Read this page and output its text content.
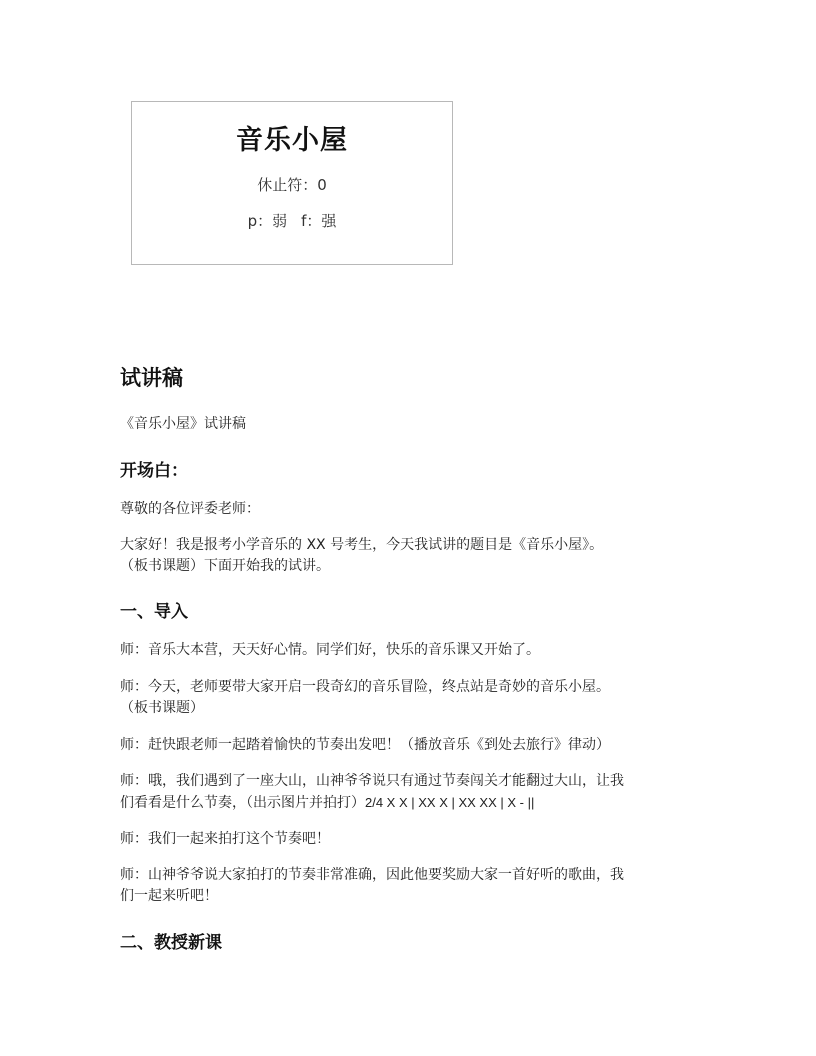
音乐小屋
休止符：0
p：弱 f：强
试讲稿

《音乐小屋》试讲稿

开场白：

尊敬的各位评委老师：

大家好！我是报考小学音乐的 XX 号考生，今天我试讲的题目是《音乐小屋》。

（板书课题）下面开始我的试讲。

一、导入

师：音乐大本营，天天好心情。同学们好，快乐的音乐课又开始了。

师：今天，老师要带大家开启一段奇幻的音乐冒险，终点站是奇妙的音乐小屋。

（板书课题）

师：赶快跟老师一起踏着愉快的节奏出发吧！（播放音乐《到处去旅行》律动）

师：哦，我们遇到了一座大山，山神爷爷说只有通过节奏闯关才能翻过大山，让我

们看看是什么节奏，（出示图片并拍打）2/4 X X | XX X | XX XX | X - ||

师：我们一起来拍打这个节奏吧！

师：山神爷爷说大家拍打的节奏非常准确，因此他要奖励大家一首好听的歌曲，我

们一起来听吧！

二、教授新课
